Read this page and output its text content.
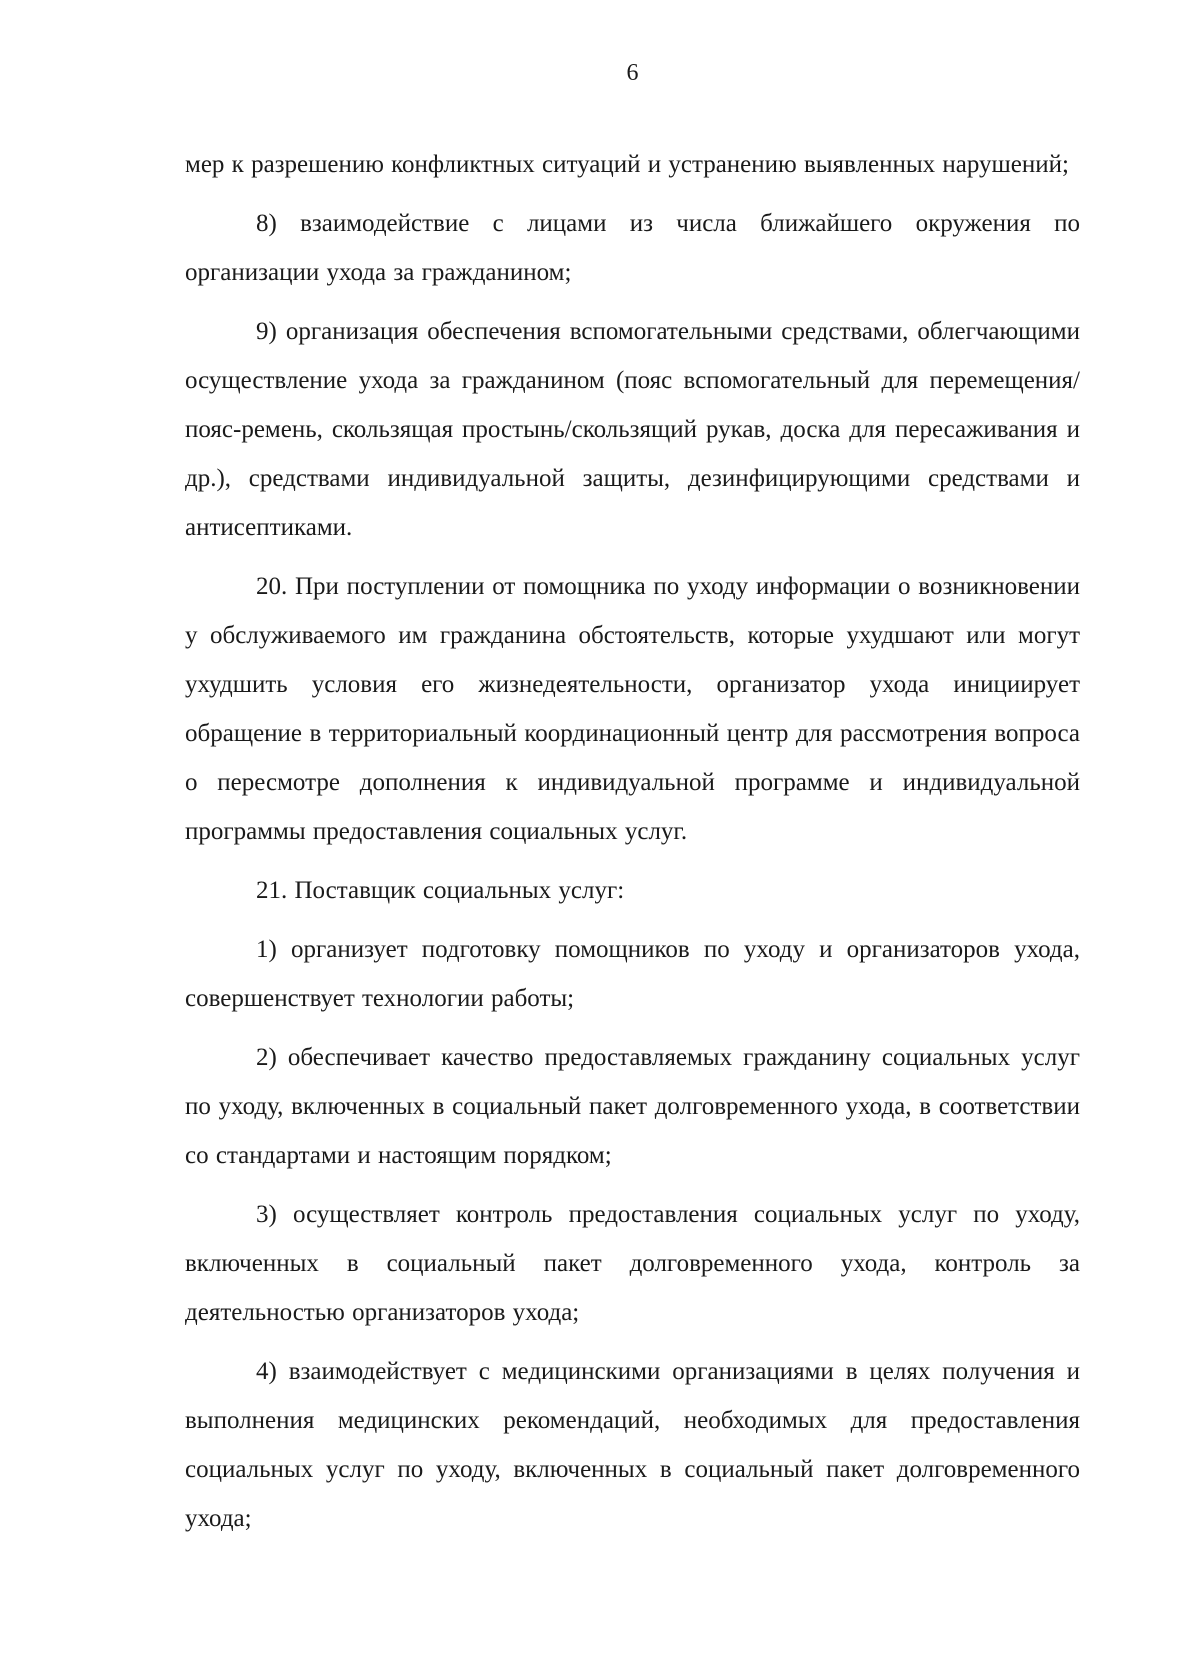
6

мер к разрешению конфликтных ситуаций и устранению выявленных нарушений;

8) взаимодействие с лицами из числа ближайшего окружения по организации ухода за гражданином;

9) организация обеспечения вспомогательными средствами, облегчающими осуществление ухода за гражданином (пояс вспомогательный для перемещения/пояс-ремень, скользящая простынь/скользящий рукав, доска для пересаживания и др.), средствами индивидуальной защиты, дезинфицирующими средствами и антисептиками.

20. При поступлении от помощника по уходу информации о возникновении у обслуживаемого им гражданина обстоятельств, которые ухудшают или могут ухудшить условия его жизнедеятельности, организатор ухода инициирует обращение в территориальный координационный центр для рассмотрения вопроса о пересмотре дополнения к индивидуальной программе и индивидуальной программы предоставления социальных услуг.

21. Поставщик социальных услуг:

1) организует подготовку помощников по уходу и организаторов ухода, совершенствует технологии работы;

2) обеспечивает качество предоставляемых гражданину социальных услуг по уходу, включенных в социальный пакет долговременного ухода, в соответствии со стандартами и настоящим порядком;

3) осуществляет контроль предоставления социальных услуг по уходу, включенных в социальный пакет долговременного ухода, контроль за деятельностью организаторов ухода;

4) взаимодействует с медицинскими организациями в целях получения и выполнения медицинских рекомендаций, необходимых для предоставления социальных услуг по уходу, включенных в социальный пакет долговременного ухода;
